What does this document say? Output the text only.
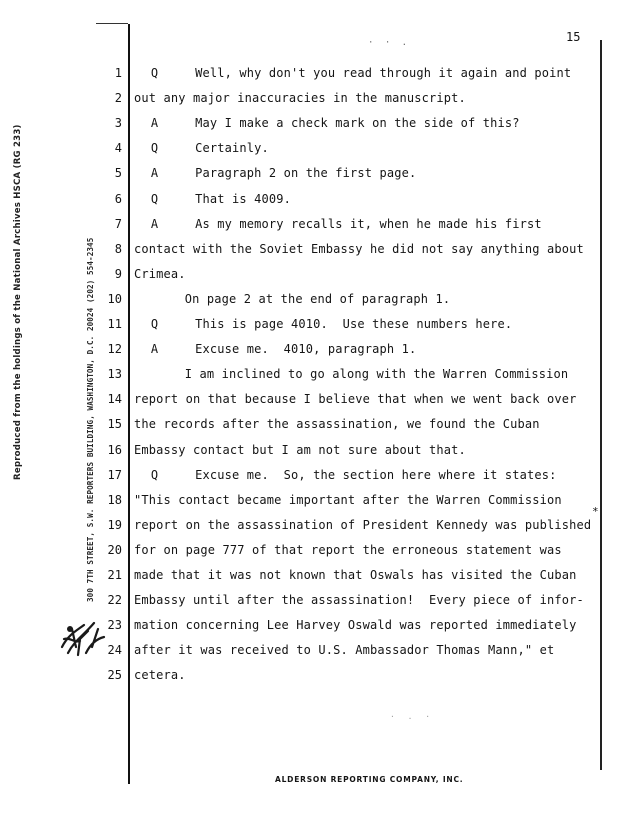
Reproduced from the holdings of the National Archives HSCA (RG 233)	300 7TH STREET, S.W. REPORTERS BUILDING, WASHINGTON, D.C. 20024 (202) 554-2345
15
· · .
· . ·
*
1 Q     Well, why don't you read through it again and point
2 out any major inaccuracies in the manuscript.
3 A     May I make a check mark on the side of this?
4 Q     Certainly.
5 A     Paragraph 2 on the first page.
6 Q     That is 4009.
7 A     As my memory recalls it, when he made his first
8 contact with the Soviet Embassy he did not say anything about
9 Crimea.
10	On page 2 at the end of paragraph 1.
11 Q     This is page 4010.  Use these numbers here.
12 A     Excuse me.  4010, paragraph 1.
13	I am inclined to go along with the Warren Commission
14 report on that because I believe that when we went back over
15 the records after the assassination, we found the Cuban
16 Embassy contact but I am not sure about that.
17 Q     Excuse me.  So, the section here where it states:
18 "This contact became important after the Warren Commission
19 report on the assassination of President Kennedy was published
20 for on page 777 of that report the erroneous statement was
21 made that it was not known that Oswals has visited the Cuban
22 Embassy until after the assassination!  Every piece of infor-
23 mation concerning Lee Harvey Oswald was reported immediately
24 after it was received to U.S. Ambassador Thomas Mann," et
25 cetera.
ALDERSON REPORTING COMPANY, INC.
